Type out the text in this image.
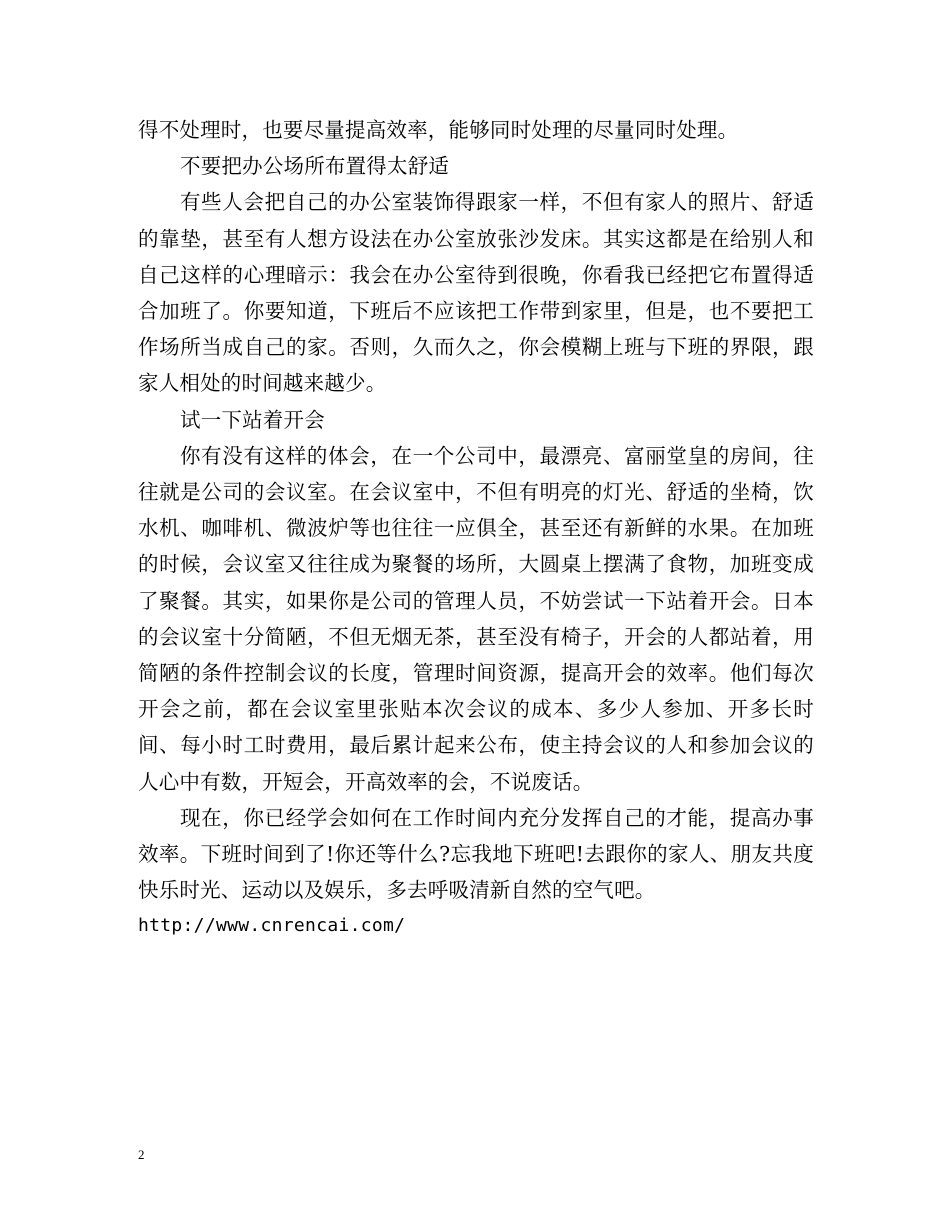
得不处理时，也要尽量提高效率，能够同时处理的尽量同时处理。

不要把办公场所布置得太舒适

有些人会把自己的办公室装饰得跟家一样，不但有家人的照片、舒适的靠垫，甚至有人想方设法在办公室放张沙发床。其实这都是在给别人和自己这样的心理暗示：我会在办公室待到很晚，你看我已经把它布置得适合加班了。你要知道，下班后不应该把工作带到家里，但是，也不要把工作场所当成自己的家。否则，久而久之，你会模糊上班与下班的界限，跟家人相处的时间越来越少。

试一下站着开会

你有没有这样的体会，在一个公司中，最漂亮、富丽堂皇的房间，往往就是公司的会议室。在会议室中，不但有明亮的灯光、舒适的坐椅，饮水机、咖啡机、微波炉等也往往一应俱全，甚至还有新鲜的水果。在加班的时候，会议室又往往成为聚餐的场所，大圆桌上摆满了食物，加班变成了聚餐。其实，如果你是公司的管理人员，不妨尝试一下站着开会。日本的会议室十分简陋，不但无烟无茶，甚至没有椅子，开会的人都站着，用简陋的条件控制会议的长度，管理时间资源，提高开会的效率。他们每次开会之前，都在会议室里张贴本次会议的成本、多少人参加、开多长时间、每小时工时费用，最后累计起来公布，使主持会议的人和参加会议的人心中有数，开短会，开高效率的会，不说废话。

现在，你已经学会如何在工作时间内充分发挥自己的才能，提高办事效率。下班时间到了!你还等什么?忘我地下班吧!去跟你的家人、朋友共度快乐时光、运动以及娱乐，多去呼吸清新自然的空气吧。

http://www.cnrencai.com/

2
